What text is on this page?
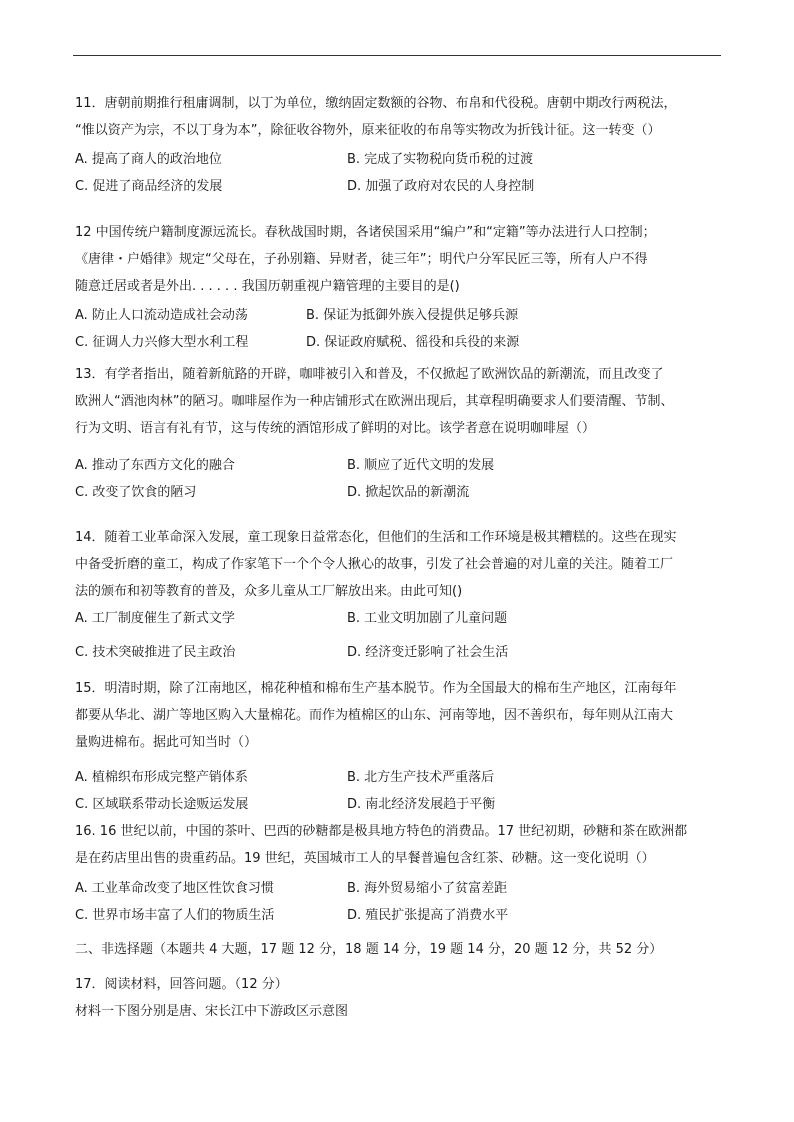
11．唐朝前期推行租庸调制，以丁为单位，缴纳固定数额的谷物、布帛和代役税。唐朝中期改行两税法，
“惟以资产为宗，不以丁身为本”，除征收谷物外，原来征收的布帛等实物改为折钱计征。这一转变（）
A. 提高了商人的政治地位	B. 完成了实物税向货币税的过渡
C. 促进了商品经济的发展	D. 加强了政府对农民的人身控制
12 中国传统户籍制度源远流长。春秋战国时期，各诸侯国采用“编户”和“定籍”等办法进行人口控制；
《唐律・户婚律》规定“父母在，子孙别籍、异财者，徒三年”；明代户分军民匠三等，所有人户不得
随意迁居或者是外出. . . . . . 我国历朝重视户籍管理的主要目的是()
A. 防止人口流动造成社会动荡	B. 保证为抵御外族入侵提供足够兵源
C. 征调人力兴修大型水利工程	D. 保证政府赋税、徭役和兵役的来源
13．有学者指出，随着新航路的开辟，咖啡被引入和普及，不仅掀起了欧洲饮品的新潮流，而且改变了
欧洲人“酒池肉林”的陋习。咖啡屋作为一种店铺形式在欧洲出现后，其章程明确要求人们要清醒、节制、
行为文明、语言有礼有节，这与传统的酒馆形成了鲜明的对比。该学者意在说明咖啡屋（）
A. 推动了东西方文化的融合	B. 顺应了近代文明的发展
C. 改变了饮食的陋习	D. 掀起饮品的新潮流
14．随着工业革命深入发展，童工现象日益常态化，但他们的生活和工作环境是极其糟糕的。这些在现实
中备受折磨的童工，构成了作家笔下一个个令人揪心的故事，引发了社会普遍的对儿童的关注。随着工厂
法的颁布和初等教育的普及，众多儿童从工厂解放出来。由此可知()
A. 工厂制度催生了新式文学	B. 工业文明加剧了儿童问题
C. 技术突破推进了民主政治	D. 经济变迁影响了社会生活
15．明清时期，除了江南地区，棉花种植和棉布生产基本脱节。作为全国最大的棉布生产地区，江南每年
都要从华北、湖广等地区购入大量棉花。而作为植棉区的山东、河南等地，因不善织布，每年则从江南大
量购进棉布。据此可知当时（）
A. 植棉织布形成完整产销体系	B. 北方生产技术严重落后
C. 区域联系带动长途贩运发展	D. 南北经济发展趋于平衡
16. 16 世纪以前，中国的茶叶、巴西的砂糖都是极具地方特色的消费品。17 世纪初期，砂糖和茶在欧洲都
是在药店里出售的贵重药品。19 世纪，英国城市工人的早餐普遍包含红茶、砂糖。这一变化说明（）
A. 工业革命改变了地区性饮食习惯	B. 海外贸易缩小了贫富差距
C. 世界市场丰富了人们的物质生活	D. 殖民扩张提高了消费水平
二、非选择题（本题共 4 大题，17 题 12 分，18 题 14 分，19 题 14 分，20 题 12 分，共 52 分）
17．阅读材料，回答问题。（12 分）
材料一下图分别是唐、宋长江中下游政区示意图
